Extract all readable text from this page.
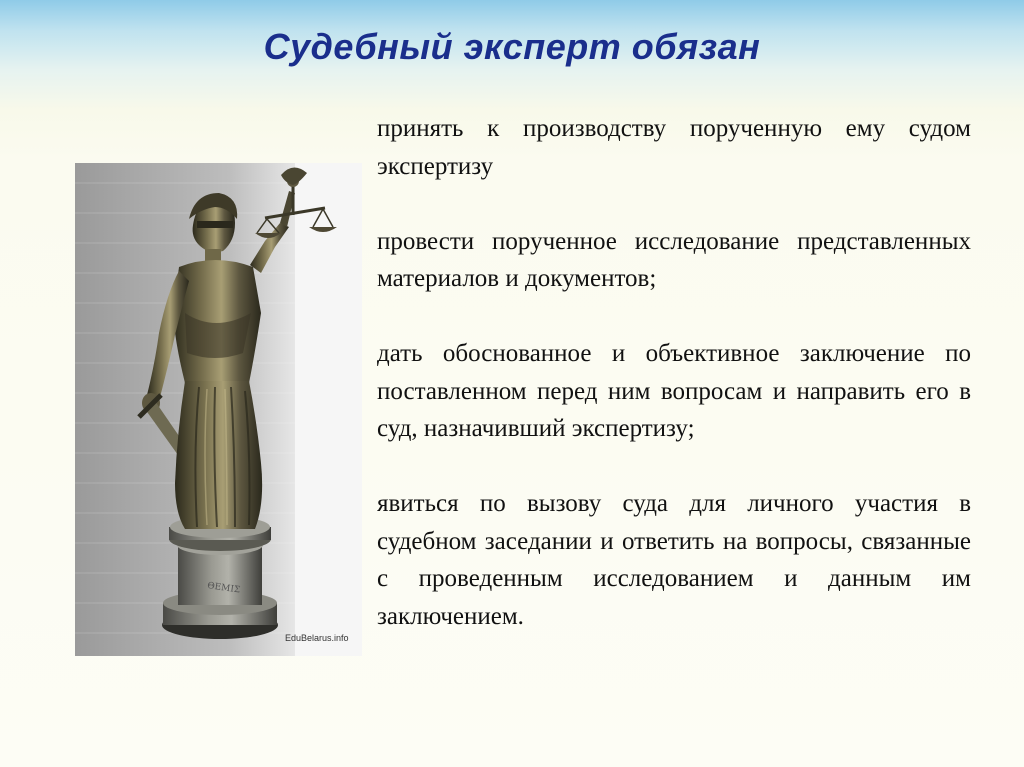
Судебный эксперт обязан
ΘΕΜΙΣ
EduBelarus.info

принять к производству порученную ему судом экспертизу

провести порученное исследование представленных материалов и документов;

дать обоснованное и объективное заключение по поставленном перед ним вопросам и направить его в суд, назначивший экспертизу;

явиться по вызову суда для личного участия в судебном заседании и ответить на вопросы, связанные с проведенным исследованием и данным им заключением.
